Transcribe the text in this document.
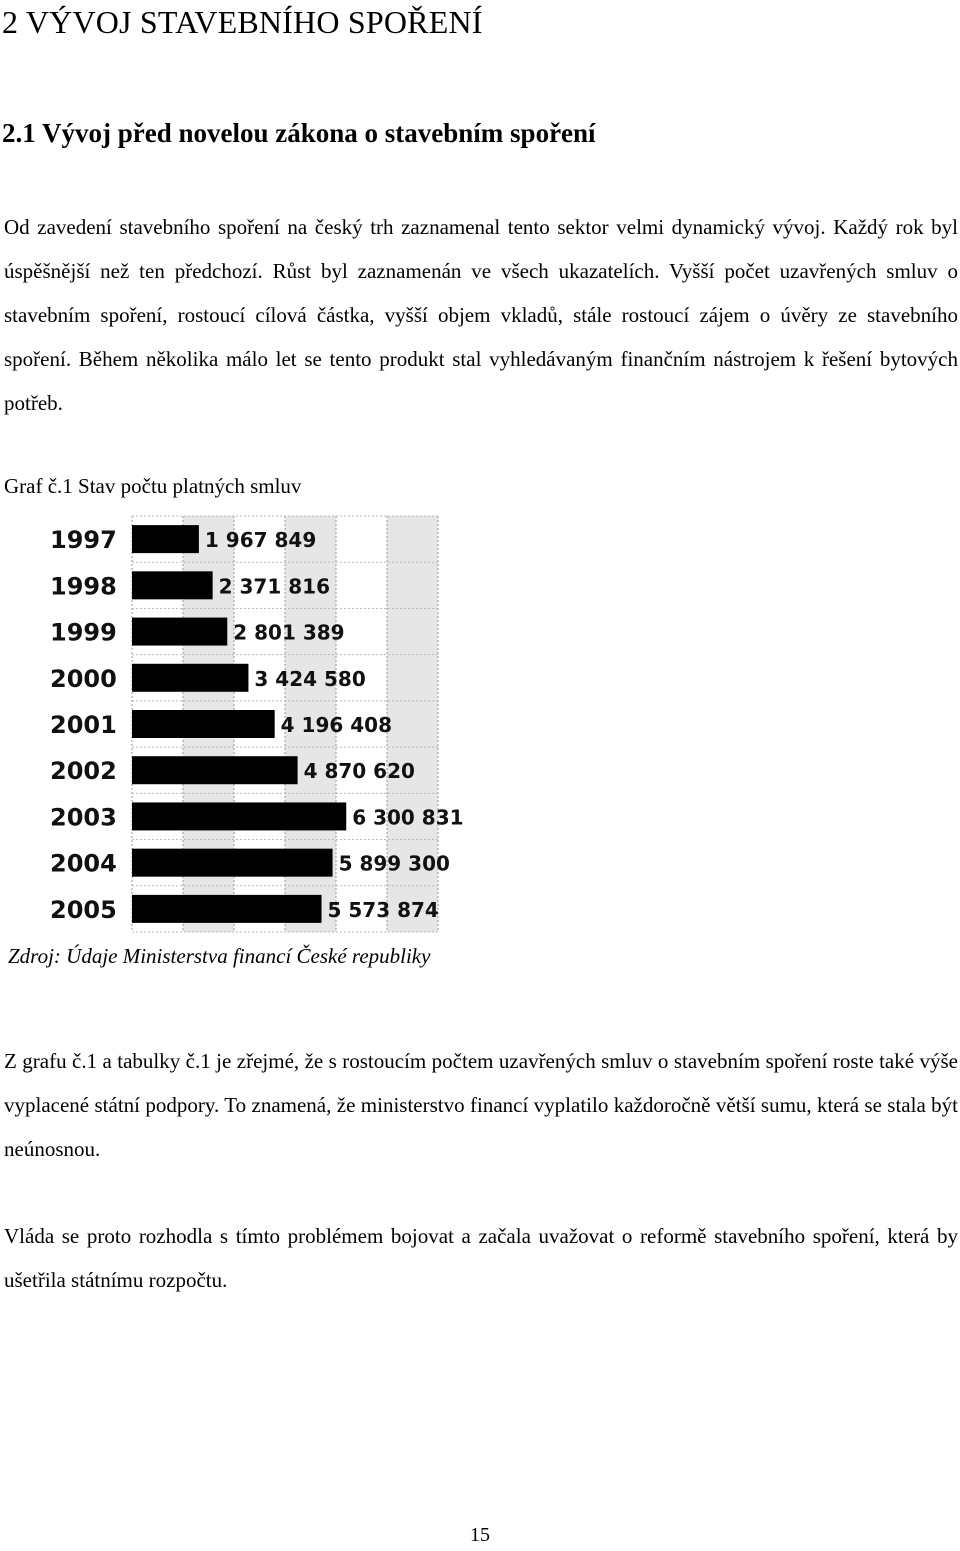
2 VÝVOJ STAVEBNÍHO SPOŘENÍ
2.1 Vývoj před novelou zákona o stavebním spoření

Od zavedení stavebního spoření na český trh zaznamenal tento sektor velmi dynamický vývoj. Každý rok byl úspěšnější než ten předchozí. Růst byl zaznamenán ve všech ukazatelích. Vyšší počet uzavřených smluv o stavebním spoření, rostoucí cílová částka, vyšší objem vkladů, stále rostoucí zájem o úvěry ze stavebního spoření. Během několika málo let se tento produkt stal vyhledávaným finančním nástrojem k řešení bytových potřeb.

Graf č.1 Stav počtu platných smluv

1997	1 967 849
1998	2 371 816
1999	2 801 389
2000	3 424 580
2001	4 196 408
2002	4 870 620
2003	6 300 831
2004	5 899 300
2005	5 573 874

Zdroj: Údaje Ministerstva financí České republiky

Z grafu č.1 a tabulky č.1 je zřejmé, že s rostoucím počtem uzavřených smluv o stavebním spoření roste také výše vyplacené státní podpory. To znamená, že ministerstvo financí vyplatilo každoročně větší sumu, která se stala být neúnosnou.

Vláda se proto rozhodla s tímto problémem bojovat a začala uvažovat o reformě stavebního spoření, která by ušetřila státnímu rozpočtu.

15
